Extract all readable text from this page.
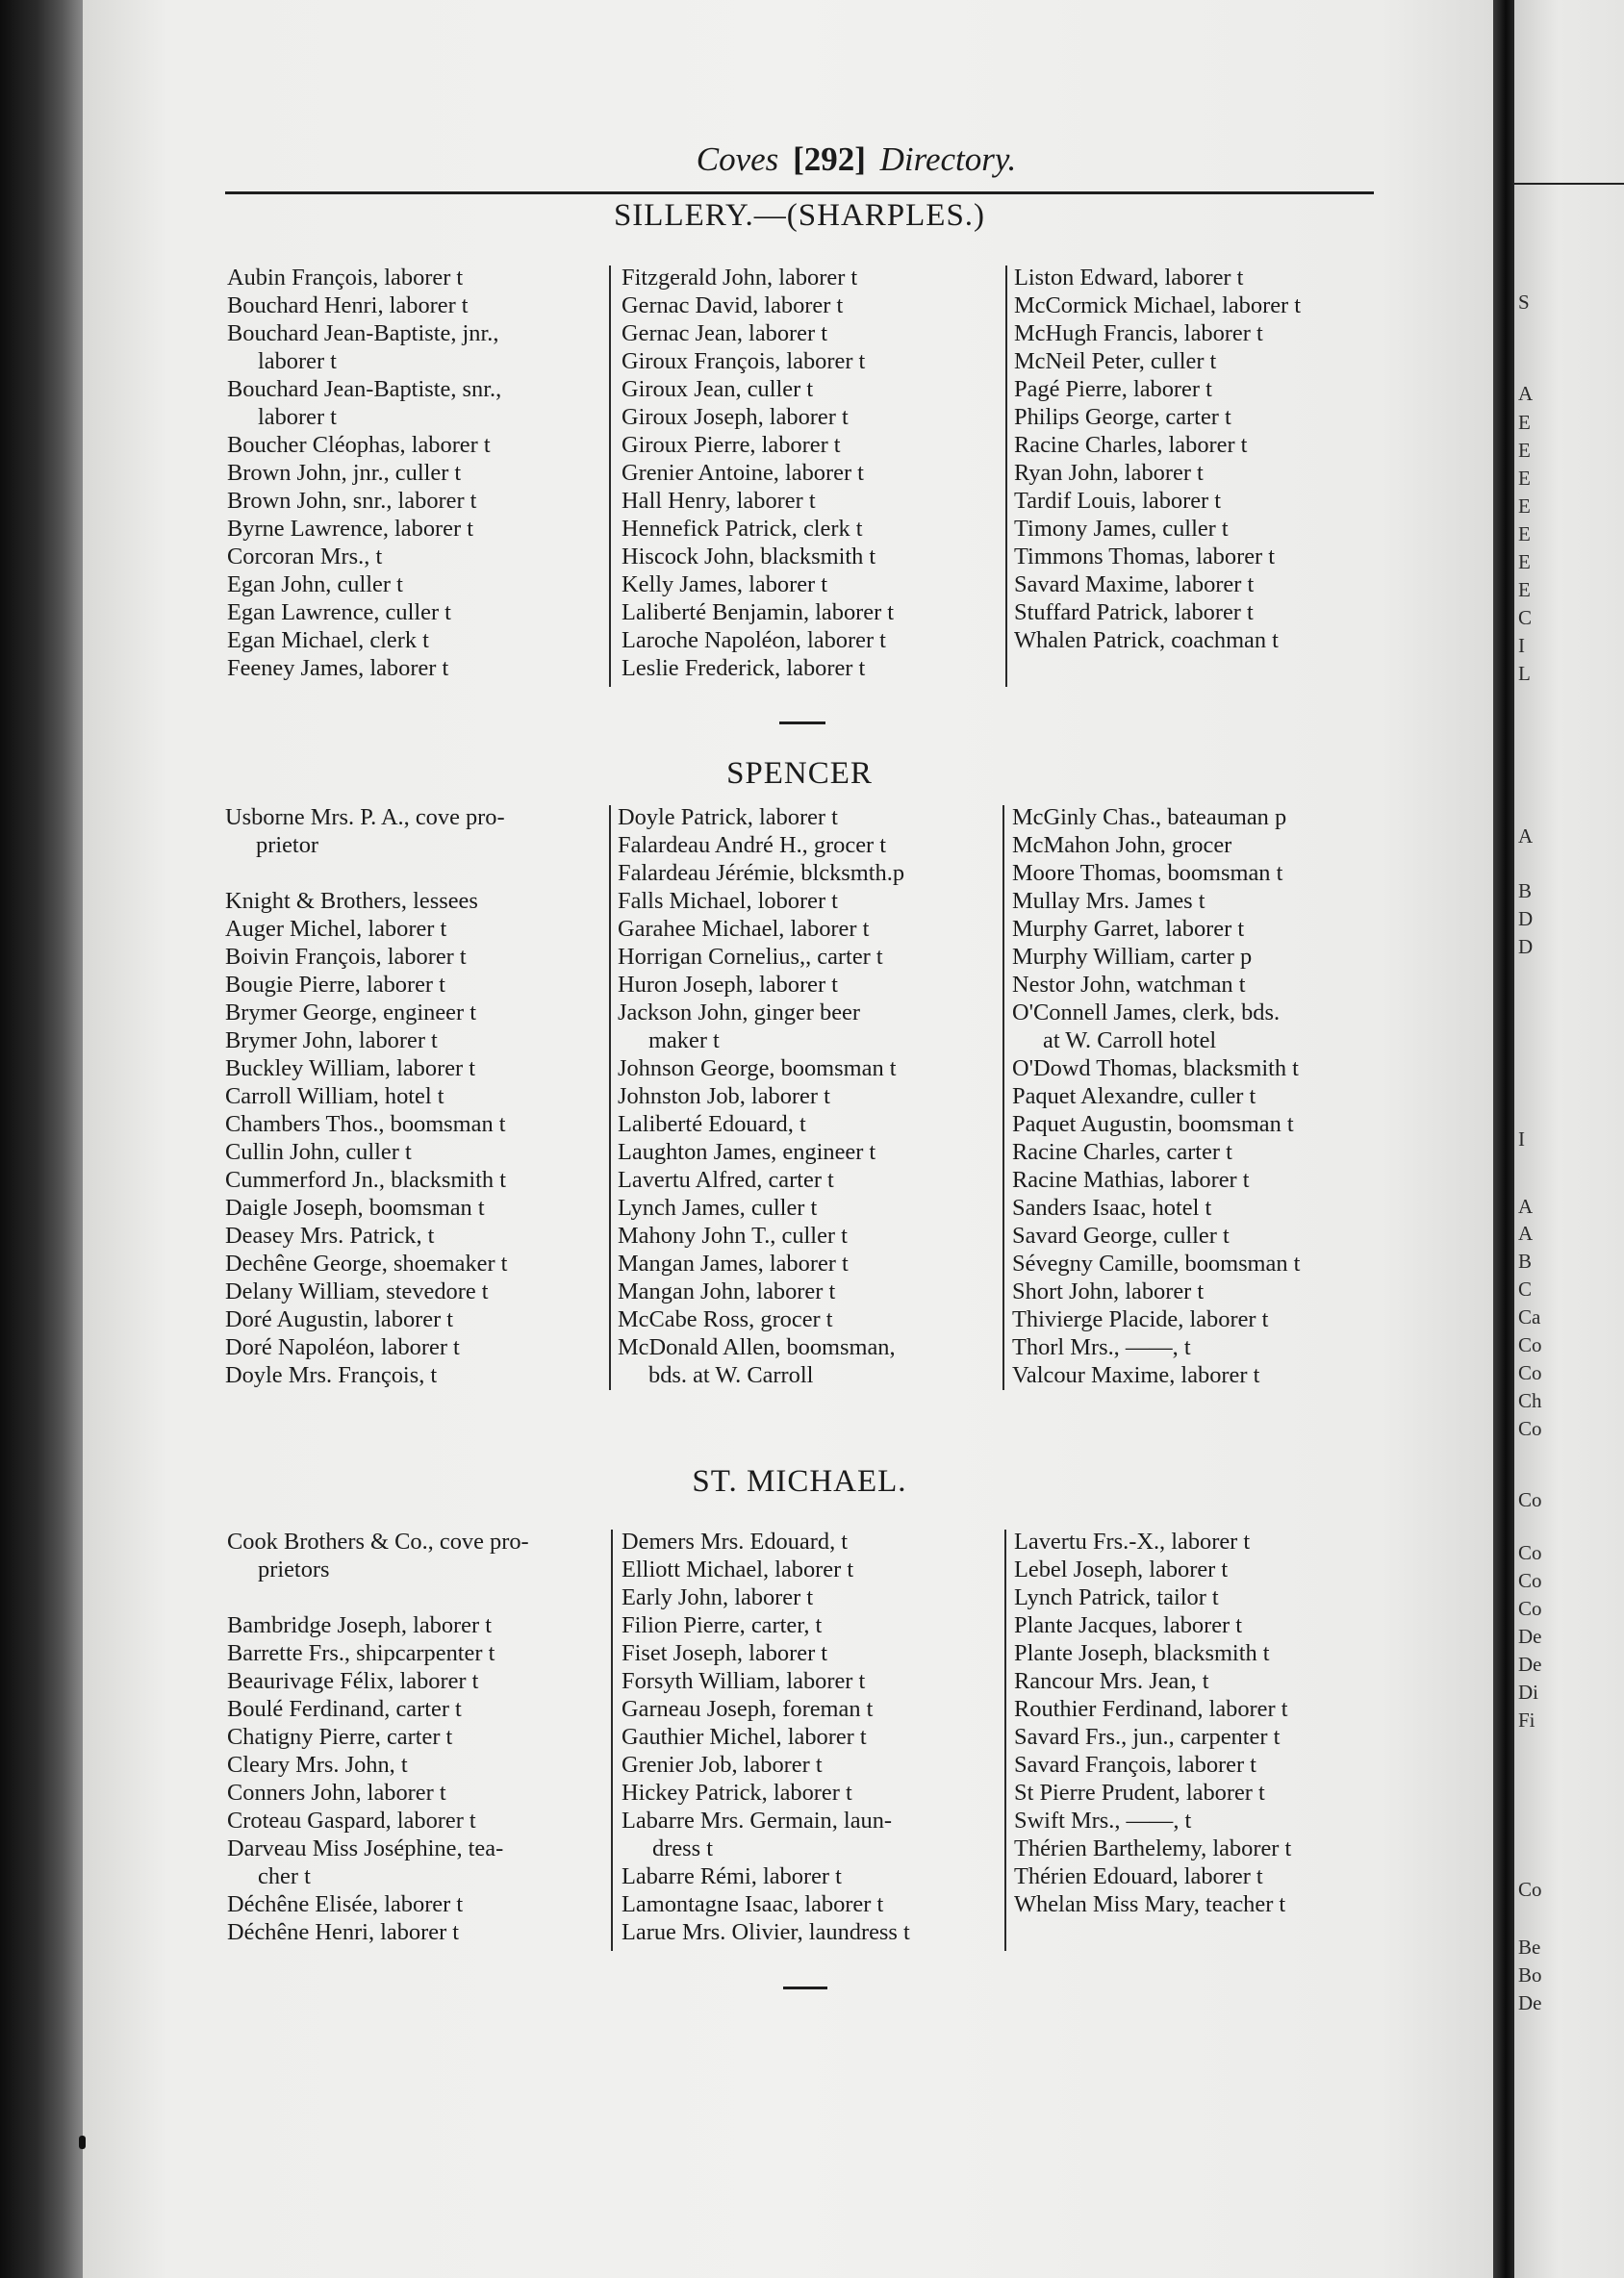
Coves [292] Directory.
SILLERY.—(SHARPLES.)
Aubin François, laborer t
Bouchard Henri, laborer t
Bouchard Jean-Baptiste, jnr.,
laborer t
Bouchard Jean-Baptiste, snr.,
laborer t
Boucher Cléophas, laborer t
Brown John, jnr., culler t
Brown John, snr., laborer t
Byrne Lawrence, laborer t
Corcoran Mrs., t
Egan John, culler t
Egan Lawrence, culler t
Egan Michael, clerk t
Feeney James, laborer t
Fitzgerald John, laborer t
Gernac David, laborer t
Gernac Jean, laborer t
Giroux François, laborer t
Giroux Jean, culler t
Giroux Joseph, laborer t
Giroux Pierre, laborer t
Grenier Antoine, laborer t
Hall Henry, laborer t
Hennefick Patrick, clerk t
Hiscock John, blacksmith t
Kelly James, laborer t
Laliberté Benjamin, laborer t
Laroche Napoléon, laborer t
Leslie Frederick, laborer t
Liston Edward, laborer t
McCormick Michael, laborer t
McHugh Francis, laborer t
McNeil Peter, culler t
Pagé Pierre, laborer t
Philips George, carter t
Racine Charles, laborer t
Ryan John, laborer t
Tardif Louis, laborer t
Timony James, culler t
Timmons Thomas, laborer t
Savard Maxime, laborer t
Stuffard Patrick, laborer t
Whalen Patrick, coachman t
SPENCER
Usborne Mrs. P. A., cove pro-
prietor

Knight & Brothers, lessees
Auger Michel, laborer t
Boivin François, laborer t
Bougie Pierre, laborer t
Brymer George, engineer t
Brymer John, laborer t
Buckley William, laborer t
Carroll William, hotel t
Chambers Thos., boomsman t
Cullin John, culler t
Cummerford Jn., blacksmith t
Daigle Joseph, boomsman t
Deasey Mrs. Patrick, t
Dechêne George, shoemaker t
Delany William, stevedore t
Doré Augustin, laborer t
Doré Napoléon, laborer t
Doyle Mrs. François, t
Doyle Patrick, laborer t
Falardeau André H., grocer t
Falardeau Jérémie, blcksmth.p
Falls Michael, loborer t
Garahee Michael, laborer t
Horrigan Cornelius,, carter t
Huron Joseph, laborer t
Jackson John, ginger beer
maker t
Johnson George, boomsman t
Johnston Job, laborer t
Laliberté Edouard, t
Laughton James, engineer t
Lavertu Alfred, carter t
Lynch James, culler t
Mahony John T., culler t
Mangan James, laborer t
Mangan John, laborer t
McCabe Ross, grocer t
McDonald Allen, boomsman,
bds. at W. Carroll
McGinly Chas., bateauman p
McMahon John, grocer
Moore Thomas, boomsman t
Mullay Mrs. James t
Murphy Garret, laborer t
Murphy William, carter p
Nestor John, watchman t
O'Connell James, clerk, bds.
at W. Carroll hotel
O'Dowd Thomas, blacksmith t
Paquet Alexandre, culler t
Paquet Augustin, boomsman t
Racine Charles, carter t
Racine Mathias, laborer t
Sanders Isaac, hotel t
Savard George, culler t
Sévegny Camille, boomsman t
Short John, laborer t
Thivierge Placide, laborer t
Thorl Mrs., ——, t
Valcour Maxime, laborer t
ST. MICHAEL.
Cook Brothers & Co., cove pro-
prietors

Bambridge Joseph, laborer t
Barrette Frs., shipcarpenter t
Beaurivage Félix, laborer t
Boulé Ferdinand, carter t
Chatigny Pierre, carter t
Cleary Mrs. John, t
Conners John, laborer t
Croteau Gaspard, laborer t
Darveau Miss Joséphine, tea-
cher t
Déchêne Elisée, laborer t
Déchêne Henri, laborer t
Demers Mrs. Edouard, t
Elliott Michael, laborer t
Early John, laborer t
Filion Pierre, carter, t
Fiset Joseph, laborer t
Forsyth William, laborer t
Garneau Joseph, foreman t
Gauthier Michel, laborer t
Grenier Job, laborer t
Hickey Patrick, laborer t
Labarre Mrs. Germain, laun-
dress t
Labarre Rémi, laborer t
Lamontagne Isaac, laborer t
Larue Mrs. Olivier, laundress t
Lavertu Frs.-X., laborer t
Lebel Joseph, laborer t
Lynch Patrick, tailor t
Plante Jacques, laborer t
Plante Joseph, blacksmith t
Rancour Mrs. Jean, t
Routhier Ferdinand, laborer t
Savard Frs., jun., carpenter t
Savard François, laborer t
St Pierre Prudent, laborer t
Swift Mrs., ——, t
Thérien Barthelemy, laborer t
Thérien Edouard, laborer t
Whelan Miss Mary, teacher t
S
A
E
E
E
E
E
E
E
C
I
L
A
B
D
D
I
A
A
B
C
Ca
Co
Co
Ch
Co
Co
Co
Co
Co
De
De
Di
Fi
Co
Be
Bo
De
